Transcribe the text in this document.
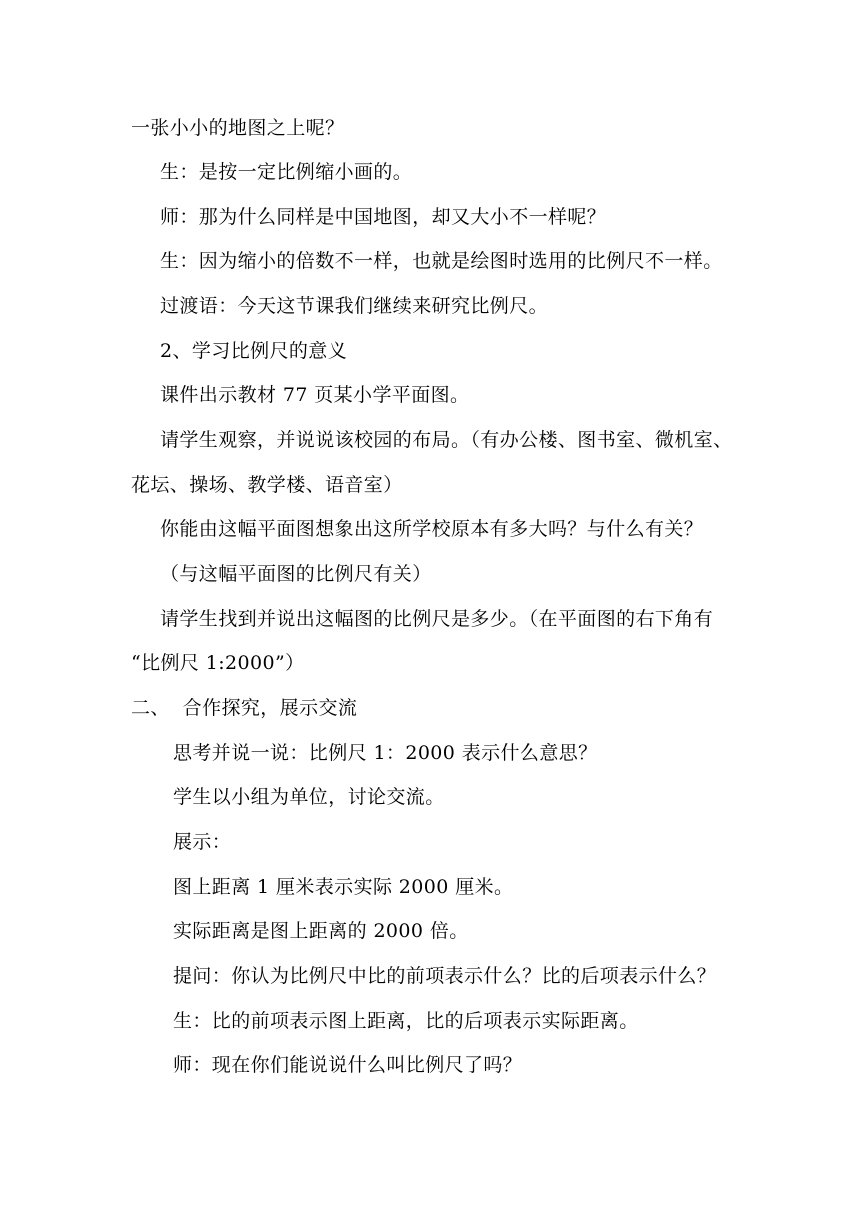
一张小小的地图之上呢？
生：是按一定比例缩小画的。
师：那为什么同样是中国地图，却又大小不一样呢？
生：因为缩小的倍数不一样，也就是绘图时选用的比例尺不一样。
过渡语：今天这节课我们继续来研究比例尺。
2、学习比例尺的意义
课件出示教材 77 页某小学平面图。
请学生观察，并说说该校园的布局。（有办公楼、图书室、微机室、
花坛、操场、教学楼、语音室）
你能由这幅平面图想象出这所学校原本有多大吗？与什么有关？
（与这幅平面图的比例尺有关）
请学生找到并说出这幅图的比例尺是多少。（在平面图的右下角有
“比例尺 1:2000”）
二、  合作探究，展示交流
思考并说一说：比例尺 1：2000 表示什么意思？
学生以小组为单位，讨论交流。
展示：
图上距离 1 厘米表示实际 2000 厘米。
实际距离是图上距离的 2000 倍。
提问：你认为比例尺中比的前项表示什么？比的后项表示什么？
生：比的前项表示图上距离，比的后项表示实际距离。
师：现在你们能说说什么叫比例尺了吗？
